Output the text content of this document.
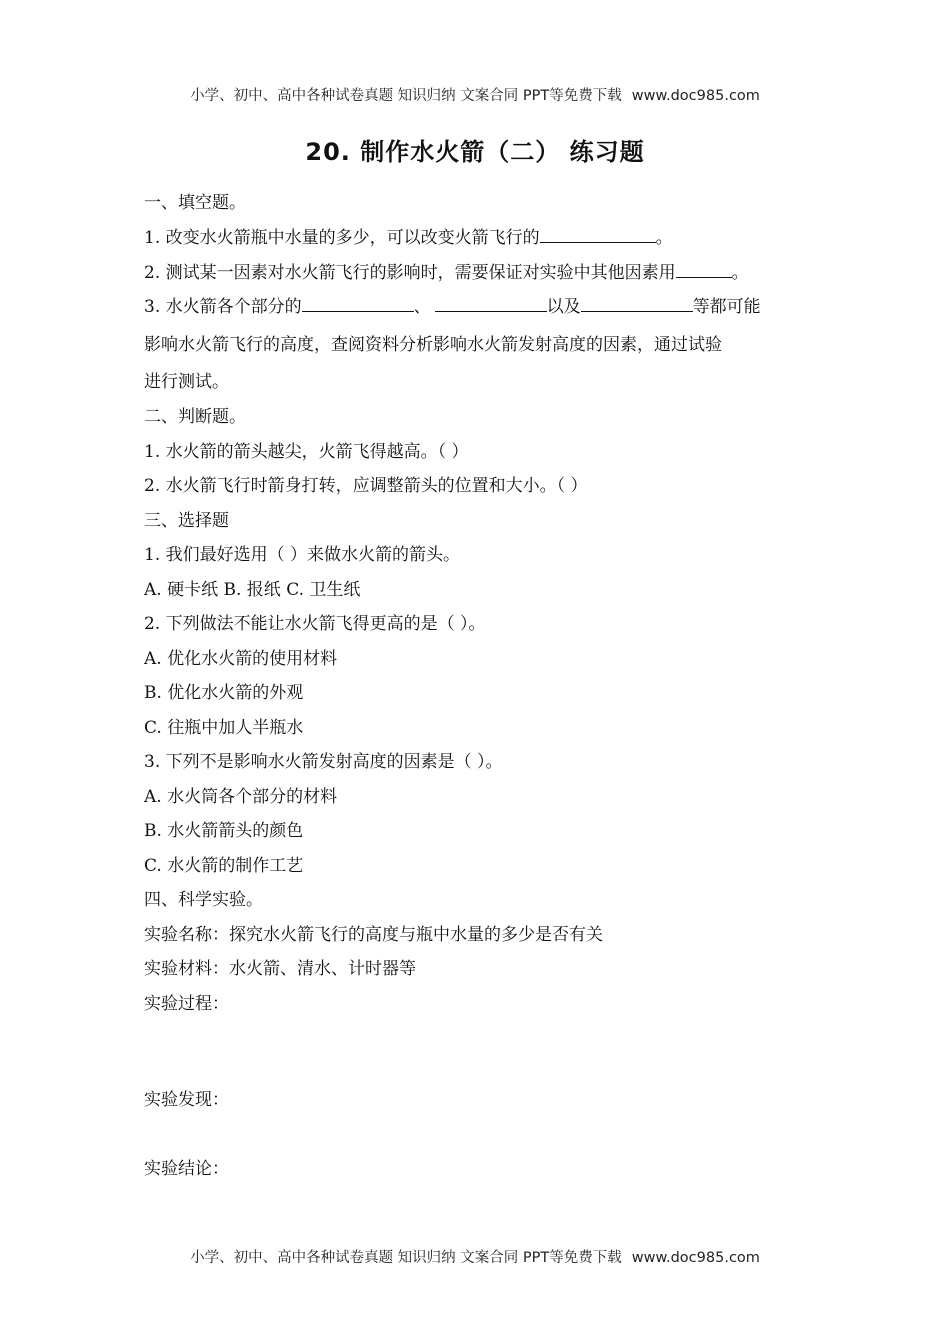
小学、初中、高中各种试卷真题 知识归纳 文案合同 PPT等免费下载 www.doc985.com
20. 制作水火箭（二） 练习题
一、填空题。
1. 改变水火箭瓶中水量的多少，可以改变火箭飞行的	。
2. 测试某一因素对水火箭飞行的影响时，需要保证对实验中其他因素用	。
3. 水火箭各个部分的	、	以及	等都可能
影响水火箭飞行的高度，查阅资料分析影响水火箭发射高度的因素，通过试验
进行测试。
二、判断题。
1. 水火箭的箭头越尖，火箭飞得越高。（ ）
2. 水火箭飞行时箭身打转，应调整箭头的位置和大小。（ ）
三、选择题
1. 我们最好选用（ ）来做水火箭的箭头。
A. 硬卡纸 B. 报纸 C. 卫生纸
2. 下列做法不能让水火箭飞得更高的是（ ）。
A. 优化水火箭的使用材料
B. 优化水火箭的外观
C. 往瓶中加人半瓶水
3. 下列不是影响水火箭发射高度的因素是（ ）。
A. 水火筒各个部分的材料
B. 水火箭箭头的颜色
C. 水火箭的制作工艺
四、科学实验。
实验名称：探究水火箭飞行的高度与瓶中水量的多少是否有关
实验材料：水火箭、清水、计时器等
实验过程：
实验发现：
实验结论：
小学、初中、高中各种试卷真题 知识归纳 文案合同 PPT等免费下载 www.doc985.com
